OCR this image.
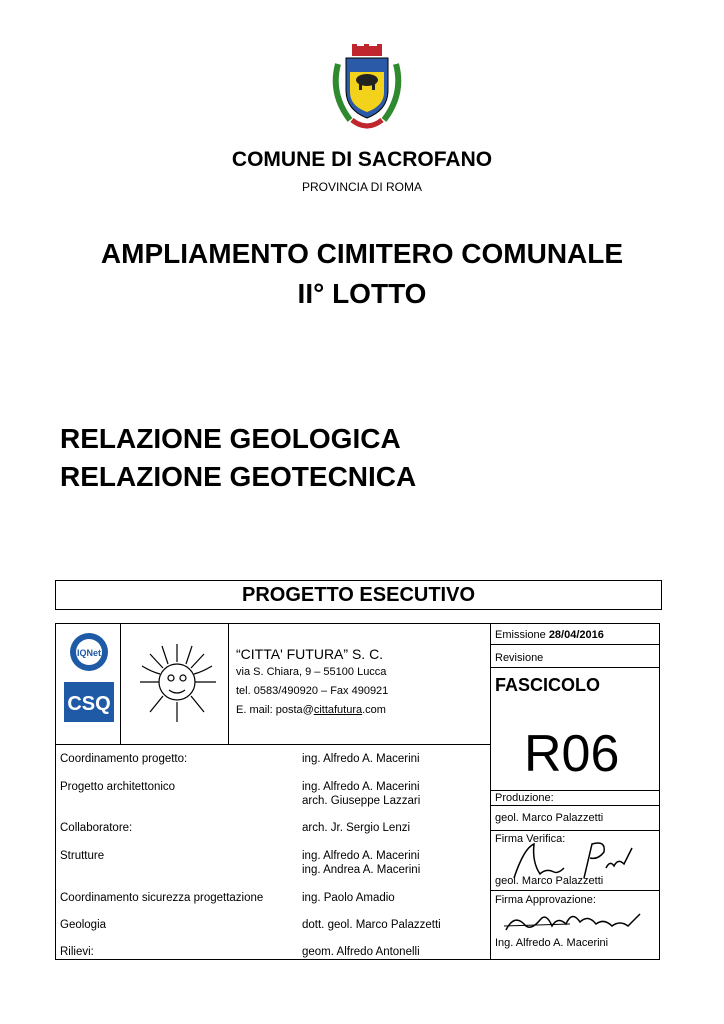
COMUNE DI SACROFANO
PROVINCIA DI ROMA
AMPLIAMENTO CIMITERO COMUNALE
II° LOTTO
RELAZIONE GEOLOGICA
RELAZIONE GEOTECNICA
PROGETTO ESECUTIVO
IQNet
CSQ
“CITTA' FUTURA” S. C.
via S. Chiara, 9 – 55100 Lucca
tel. 0583/490920 – Fax 490921
E. mail: posta@cittafutura.com
Coordinamento progetto:	ing. Alfredo A. Macerini
Progetto architettonico	ing. Alfredo A. Macerini
arch. Giuseppe Lazzari
Collaboratore:	arch. Jr. Sergio Lenzi
Strutture	ing. Alfredo A. Macerini
ing. Andrea A. Macerini
Coordinamento sicurezza progettazione	ing. Paolo Amadio
Geologia	dott. geol. Marco Palazzetti
Rilievi:	geom. Alfredo Antonelli
Emissione 28/04/2016
Revisione
FASCICOLO
R06
Produzione:
geol. Marco Palazzetti
Firma Verifica:
geol. Marco Palazzetti
Firma Approvazione:
Ing. Alfredo A. Macerini
